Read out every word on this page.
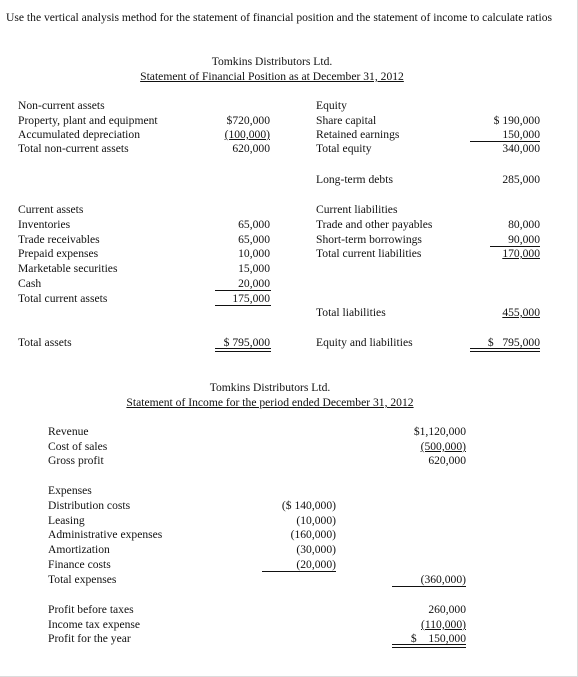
Use the vertical analysis method for the statement of financial position and the statement of income to calculate ratios
Tomkins Distributors Ltd.
Statement of Financial Position as at December 31, 2012
Non-current assets
Property, plant and equipment	$720,000
Accumulated depreciation	(100,000)
Total non-current assets	620,000
Equity
Share capital	$ 190,000
Retained earnings	150,000
Total equity	340,000
Long-term debts	285,000
Current assets
Inventories	65,000
Trade receivables	65,000
Prepaid expenses	10,000
Marketable securities	15,000
Cash	20,000
Total current assets	175,000
Current liabilities
Trade and other payables	80,000
Short-term borrowings	90,000
Total current liabilities	170,000
Total liabilities	455,000
Total assets	$ 795,000	Equity and liabilities	$   795,000
Tomkins Distributors Ltd.
Statement of Income for the period ended December 31, 2012
Revenue	$1,120,000
Cost of sales	(500,000)
Gross profit	620,000
Expenses
Distribution costs	($ 140,000)
Leasing	(10,000)
Administrative expenses	(160,000)
Amortization	(30,000)
Finance costs	(20,000)
Total expenses	(360,000)
Profit before taxes	260,000
Income tax expense	(110,000)
Profit for the year	$    150,000
